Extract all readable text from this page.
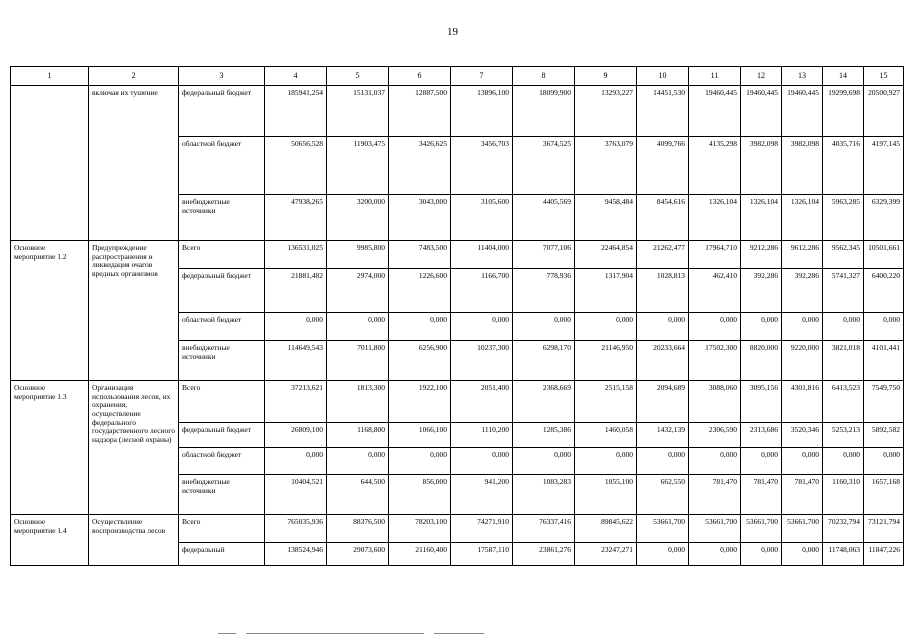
19
1	2	3	4	5	6	7	8	9	10	11	12	13	14	15
	включая их тушение	федеральный бюджет	185941,254	15131,037	12887,500	13896,100	18099,900	13293,227	14451,530	19460,445	19460,445	19460,445	19299,698	20500,927
		областной бюджет	50656,528	11903,475	3426,625	3456,703	3674,525	3763,079	4099,766	4135,298	3982,098	3982,098	4035,716	4197,145
		внебюджетные источники	47938,265	3200,000	3043,000	3105,600	4405,569	9458,484	8454,616	1326,104	1326,104	1326,104	5963,285	6329,399
Основное мероприятие 1.2	Предупреждение распространения и ликвидация очагов вредных организмов	Всего	136531,025	9985,800	7483,500	11404,000	7077,106	22464,854	21262,477	17964,710	9212,286	9612,286	9562,345	10501,661
		федеральный бюджет	21881,482	2974,000	1226,600	1166,700	778,936	1317,904	1028,813	462,410	392,286	392,286	5741,327	6400,220
		областной бюджет	0,000	0,000	0,000	0,000	0,000	0,000	0,000	0,000	0,000	0,000	0,000	0,000
		внебюджетные источники	114649,543	7011,800	6256,900	10237,300	6298,170	21146,950	20233,664	17502,300	8820,000	9220,000	3821,018	4101,441
Основное мероприятие 1.3	Организация использования лесов, их охранения, осуществление федерального государственного лесного надзора (лесной охраны)	Всего	37213,621	1813,300	1922,100	2051,400	2368,669	2515,158	2094,689	3088,060	3095,156	4301,816	6413,523	7549,750
		федеральный бюджет	26809,100	1168,800	1066,100	1110,200	1285,386	1460,058	1432,139	2306,590	2313,686	3520,346	5253,213	5892,582
		областной бюджет	0,000	0,000	0,000	0,000	0,000	0,000	0,000	0,000	0,000	0,000	0,000	0,000
		внебюджетные источники	10404,521	644,500	856,000	941,200	1083,283	1055,100	662,550	781,470	781,470	781,470	1160,310	1657,168
Основное мероприятие 1.4	Осуществление воспроизводства лесов	Всего	765035,936	88376,500	78203,100	74271,910	76337,416	89845,622	53661,700	53661,700	53661,700	53661,700	70232,794	73121,794
		федеральный	138524,946	29073,600	21160,400	17587,110	23861,276	23247,271	0,000	0,000	0,000	0,000	11748,063	11847,226
